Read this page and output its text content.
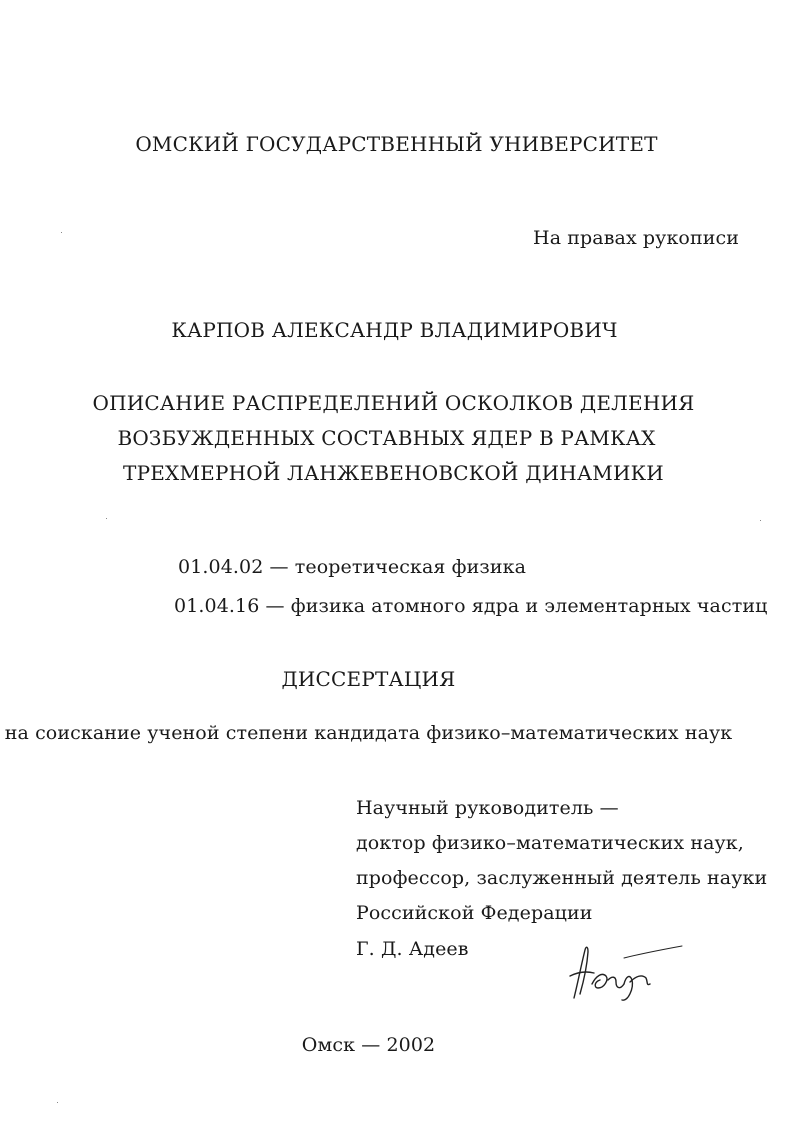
ОМСКИЙ ГОСУДАРСТВЕННЫЙ УНИВЕРСИТЕТ
На правах рукописи
КАРПОВ АЛЕКСАНДР ВЛАДИМИРОВИЧ
ОПИСАНИЕ РАСПРЕДЕЛЕНИЙ ОСКОЛКОВ ДЕЛЕНИЯ
ВОЗБУЖДЕННЫХ СОСТАВНЫХ ЯДЕР В РАМКАХ
ТРЕХМЕРНОЙ ЛАНЖЕВЕНОВСКОЙ ДИНАМИКИ
01.04.02 — теоретическая физика
01.04.16 — физика атомного ядра и элементарных частиц
ДИССЕРТАЦИЯ
на соискание ученой степени кандидата физико–математических наук
Научный руководитель —
доктор физико–математических наук,
профессор, заслуженный деятель науки
Российской Федерации
Г. Д. Адеев
Омск — 2002
